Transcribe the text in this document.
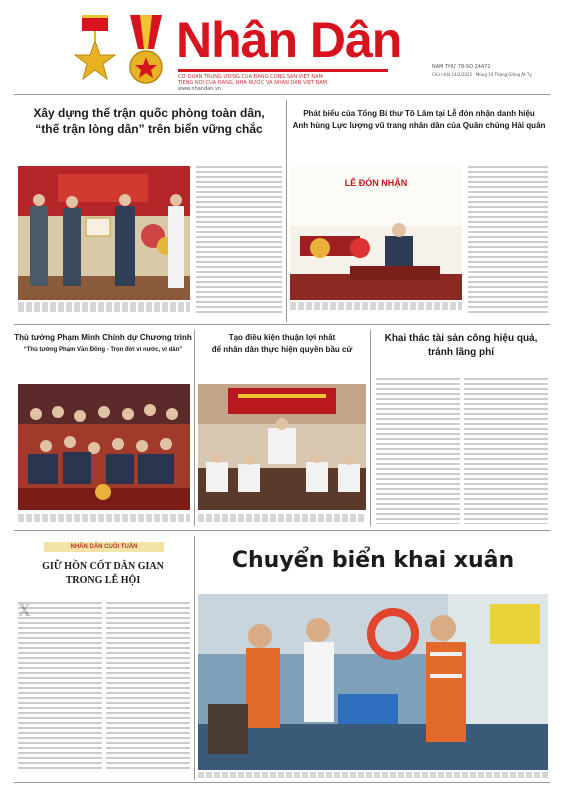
Nhân Dân
CƠ QUAN TRUNG ƯƠNG CỦA ĐẢNG CỘNG SẢN VIỆT NAM
TIẾNG NÓI CỦA ĐẢNG, NHÀ NƯỚC VÀ NHÂN DÂN VIỆT NAM
www.nhandan.vn
NĂM THỨ 78-SỐ 24472
Chủ nhật 14/2/2025 · Mùng 10 Tháng Giêng Ất Tỵ
Xây dựng thế trận quốc phòng toàn dân,
“thế trận lòng dân” trên biển vững chắc
Phát biểu của Tổng Bí thư Tô Lâm tại Lễ đón nhận danh hiệu
Anh hùng Lực lượng vũ trang nhân dân của Quân chủng Hải quân
LỄ ĐÓN NHẬN
Thủ tướng Phạm Minh Chính dự Chương trình
“Thủ tướng Phạm Văn Đồng - Trọn đời vì nước, vì dân”
Tạo điều kiện thuận lợi nhất
để nhân dân thực hiện quyền bầu cử
Khai thác tài sản công hiệu quả,
tránh lãng phí
NHÂN DÂN CUỐI TUẦN
GIỮ HỒN CỐT DÂN GIAN
TRONG LỄ HỘI
Chuyển biển khai xuân
